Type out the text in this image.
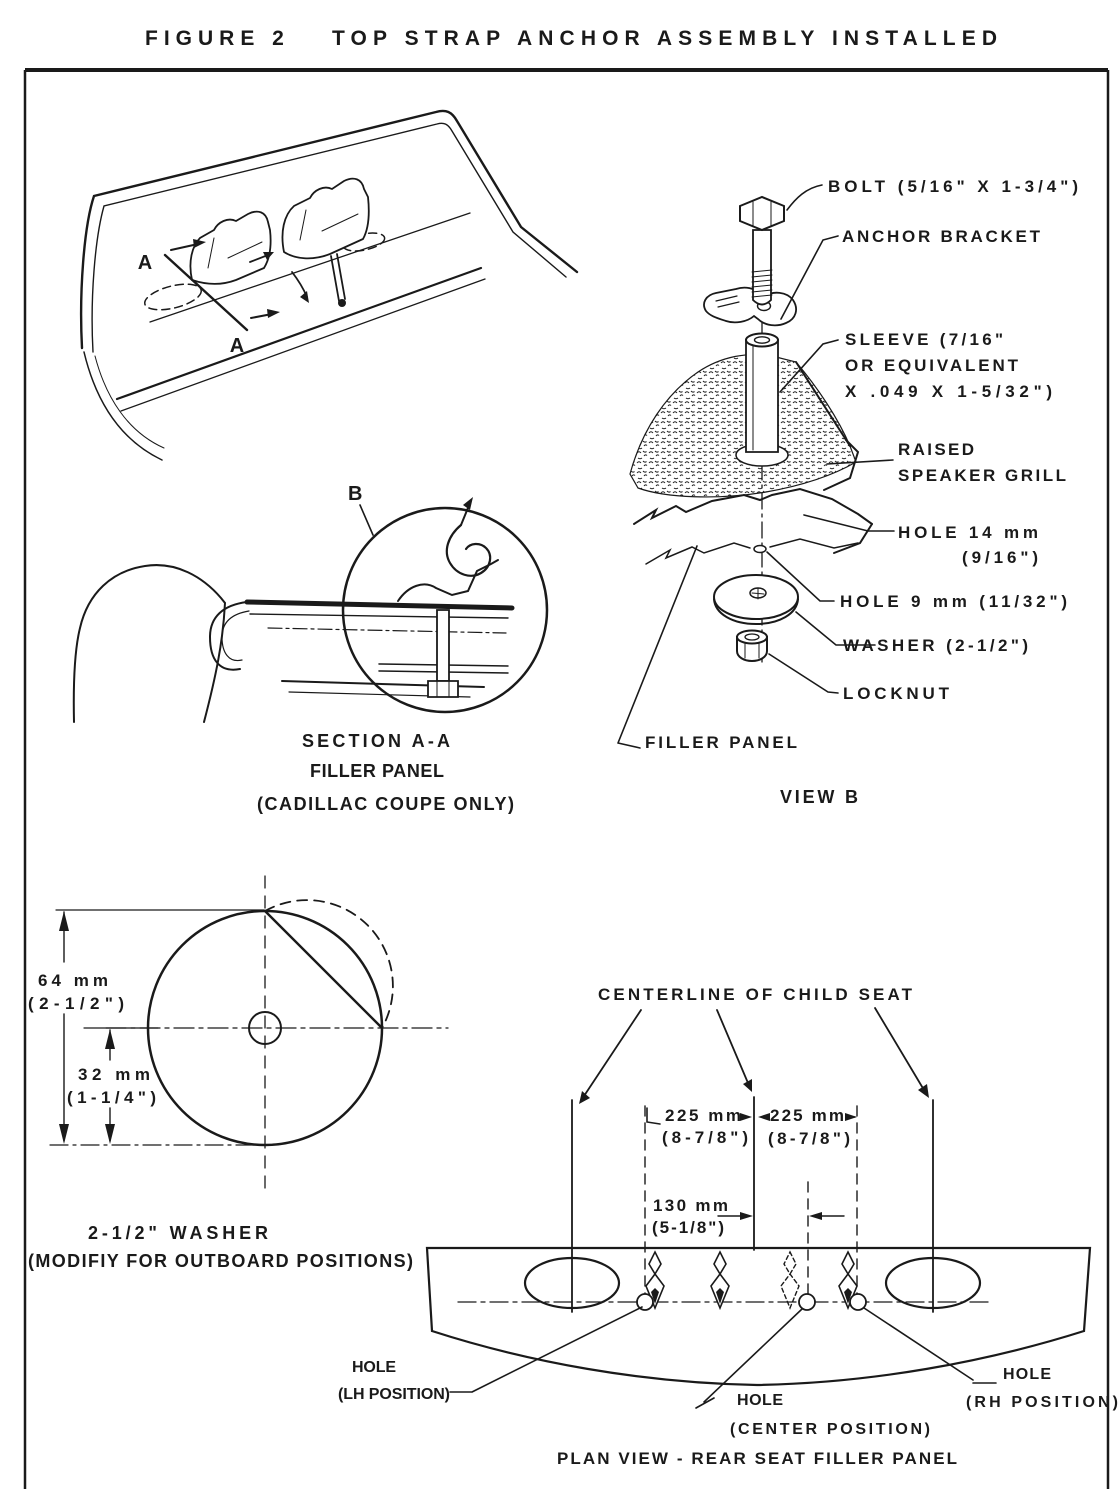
FIGURE 2 TOP STRAP ANCHOR ASSEMBLY INSTALLED
A
A
B
SECTION A-A
FILLER PANEL
(CADILLAC COUPE ONLY)
BOLT (5/16" X 1-3/4")
ANCHOR BRACKET
SLEEVE (7/16"
OR EQUIVALENT
X .049 X 1-5/32")
RAISED
SPEAKER GRILL
HOLE 14 mm
(9/16")
HOLE 9 mm (11/32")
WASHER (2-1/2")
LOCKNUT
FILLER PANEL
VIEW B
64 mm
(2-1/2")
32 mm
(1-1/4")
2-1/2" WASHER
(MODIFIY FOR OUTBOARD POSITIONS)
CENTERLINE OF CHILD SEAT
225 mm
(8-7/8")
225 mm
(8-7/8")
130 mm
(5-1/8")
HOLE
(LH POSITION)	HOLE
(CENTER POSITION)
HOLE
(RH POSITION)
PLAN VIEW - REAR SEAT FILLER PANEL
